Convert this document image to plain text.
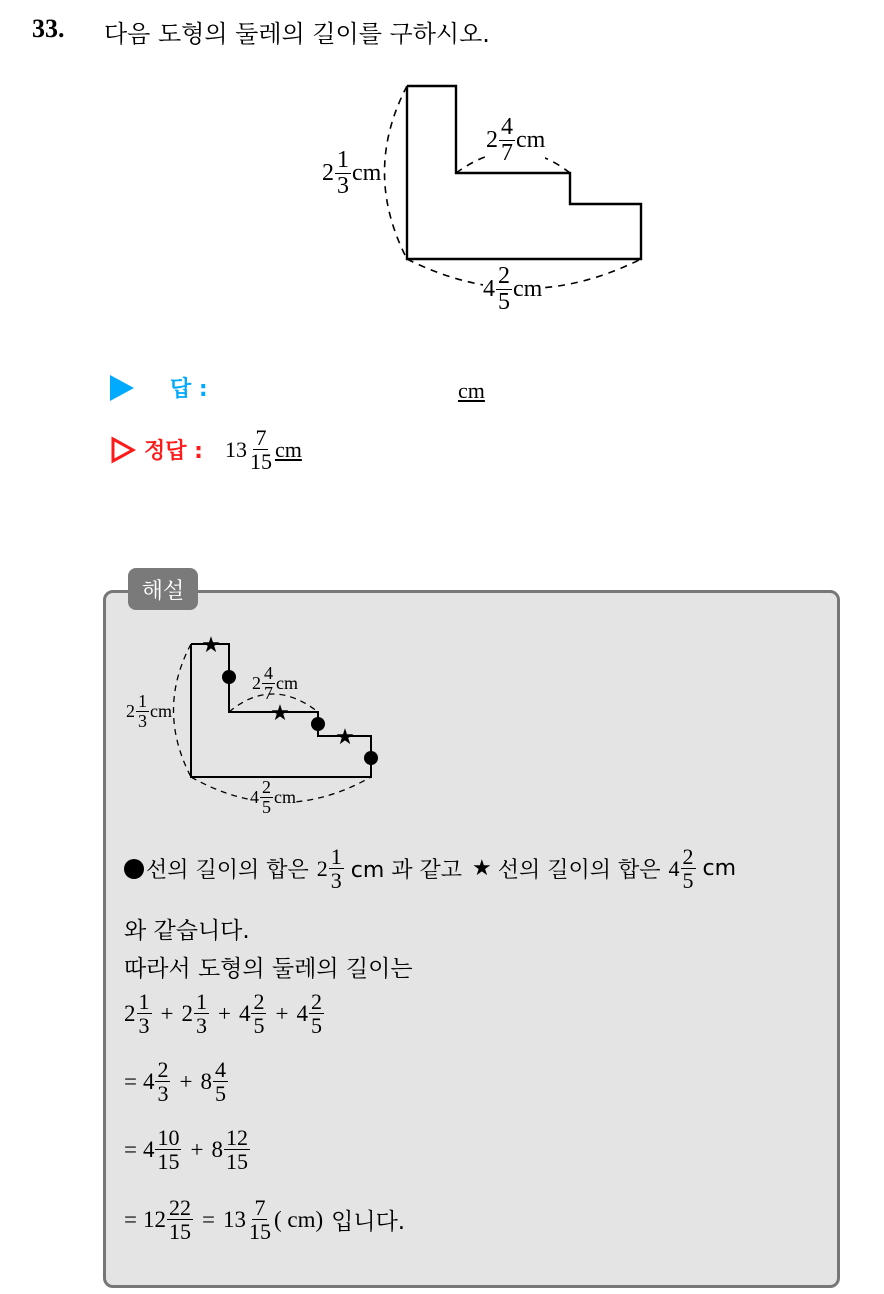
33. 다음 도형의 둘레의 길이를 구하시오.
$2 \frac{1}{3}$ cm
$2 \frac{4}{7}$ cm
$4 \frac{2}{5}$ cm
답 :	cm
정답 : $13 \frac{7}{15}$ cm
해설
★
★
★
$2 \frac{1}{3}$ cm
$2 \frac{4}{7}$ cm
$4 \frac{2}{5}$ cm
선의 길이의 합은 $2 \frac{1}{3}$ cm 과 같고 ★ 선의 길이의 합은 $4 \frac{2}{5}$ cm
와 같습니다.
따라서 도형의 둘레의 길이는
$2 \frac{1}{3} + 2 \frac{1}{3} + 4 \frac{2}{5} + 4 \frac{2}{5}$
= $4 \frac{2}{3} + 8 \frac{4}{5}$
= $4 \frac{10}{15} + 8 \frac{12}{15}$
= $12 \frac{22}{15} = 13 \frac{7}{15}$ ( cm) 입니다.
